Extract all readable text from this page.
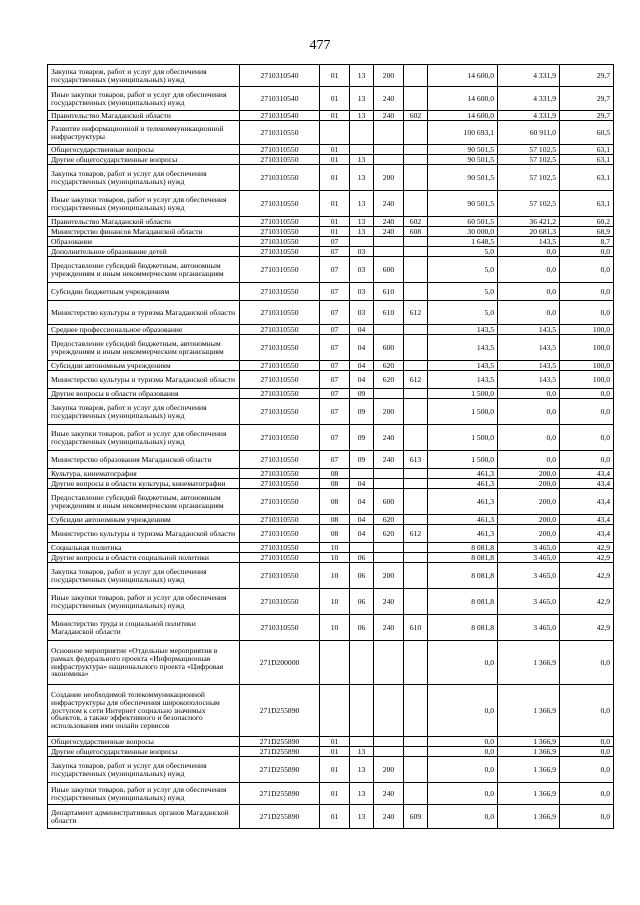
477
Закупка товаров, работ и услуг для обеспечения государственных (муниципальных) нужд	2710310540	01	13	200		14 600,0	4 331,9	29,7
Иные закупки товаров, работ и услуг для обеспечения государственных (муниципальных) нужд	2710310540	01	13	240		14 600,0	4 331,9	29,7
Правительство Магаданской области	2710310540	01	13	240	602	14 600,0	4 331,9	29,7
Развитие информационной и телекоммуникационной инфраструктуры	2710310550					100 693,1	60 911,0	60,5
Общегосударственные вопросы	2710310550	01				90 501,5	57 102,5	63,1
Другие общегосударственные вопросы	2710310550	01	13			90 501,5	57 102,5	63,1
Закупка товаров, работ и услуг для обеспечения государственных (муниципальных) нужд	2710310550	01	13	200		90 501,5	57 102,5	63,1
Иные закупки товаров, работ и услуг для обеспечения государственных (муниципальных) нужд	2710310550	01	13	240		90 501,5	57 102,5	63,1
Правительство Магаданской области	2710310550	01	13	240	602	60 501,5	36 421,2	60,2
Министерство финансов Магаданской области	2710310550	01	13	240	608	30 000,0	20 681,3	68,9
Образование	2710310550	07				1 648,5	143,5	8,7
Дополнительное образование детей	2710310550	07	03			5,0	0,0	0,0
Предоставление субсидий бюджетным, автономным учреждениям и иным некоммерческим организациям	2710310550	07	03	600		5,0	0,0	0,0
Субсидии бюджетным учреждениям	2710310550	07	03	610		5,0	0,0	0,0
Министерство культуры и туризма Магаданской области	2710310550	07	03	610	612	5,0	0,0	0,0
Среднее профессиональное образование	2710310550	07	04			143,5	143,5	100,0
Предоставление субсидий бюджетным, автономным учреждениям и иным некоммерческим организациям	2710310550	07	04	600		143,5	143,5	100,0
Субсидии автономным учреждениям	2710310550	07	04	620		143,5	143,5	100,0
Министерство культуры и туризма Магаданской области	2710310550	07	04	620	612	143,5	143,5	100,0
Другие вопросы в области образования	2710310550	07	09			1 500,0	0,0	0,0
Закупка товаров, работ и услуг для обеспечения государственных (муниципальных) нужд	2710310550	07	09	200		1 500,0	0,0	0,0
Иные закупки товаров, работ и услуг для обеспечения государственных (муниципальных) нужд	2710310550	07	09	240		1 500,0	0,0	0,0
Министерство образования Магаданской области	2710310550	07	09	240	613	1 500,0	0,0	0,0
Культура, кинематография	2710310550	08				461,3	200,0	43,4
Другие вопросы в области культуры, кинематографии	2710310550	08	04			461,3	200,0	43,4
Предоставление субсидий бюджетным, автономным учреждениям и иным некоммерческим организациям	2710310550	08	04	600		461,3	200,0	43,4
Субсидии автономным учреждениям	2710310550	08	04	620		461,3	200,0	43,4
Министерство культуры и туризма Магаданской области	2710310550	08	04	620	612	461,3	200,0	43,4
Социальная политика	2710310550	10				8 081,8	3 465,0	42,9
Другие вопросы в области социальной политики	2710310550	10	06			8 081,8	3 465,0	42,9
Закупка товаров, работ и услуг для обеспечения государственных (муниципальных) нужд	2710310550	10	06	200		8 081,8	3 465,0	42,9
Иные закупки товаров, работ и услуг для обеспечения государственных (муниципальных) нужд	2710310550	10	06	240		8 081,8	3 465,0	42,9
Министерство труда и социальной политики Магаданской области	2710310550	10	06	240	610	8 081,8	3 465,0	42,9
Основное мероприятие «Отдельные мероприятия в рамках федерального проекта «Информационная инфраструктура» национального проекта «Цифровая экономика»	271D200000					0,0	1 366,9	0,0
Создание необходимой телекоммуникационной инфраструктуры для обеспечения широкополосным доступом к сети Интернет социально значимых объектов, а также эффективного и безопасного использования ими онлайн сервисов	271D255890					0,0	1 366,9	0,0
Общегосударственные вопросы	271D255890	01				0,0	1 366,9	0,0
Другие общегосударственные вопросы	271D255890	01	13			0,0	1 366,9	0,0
Закупка товаров, работ и услуг для обеспечения государственных (муниципальных) нужд	271D255890	01	13	200		0,0	1 366,9	0,0
Иные закупки товаров, работ и услуг для обеспечения государственных (муниципальных) нужд	271D255890	01	13	240		0,0	1 366,9	0,0
Департамент административных органов Магаданской области	271D255890	01	13	240	609	0,0	1 366,9	0,0
